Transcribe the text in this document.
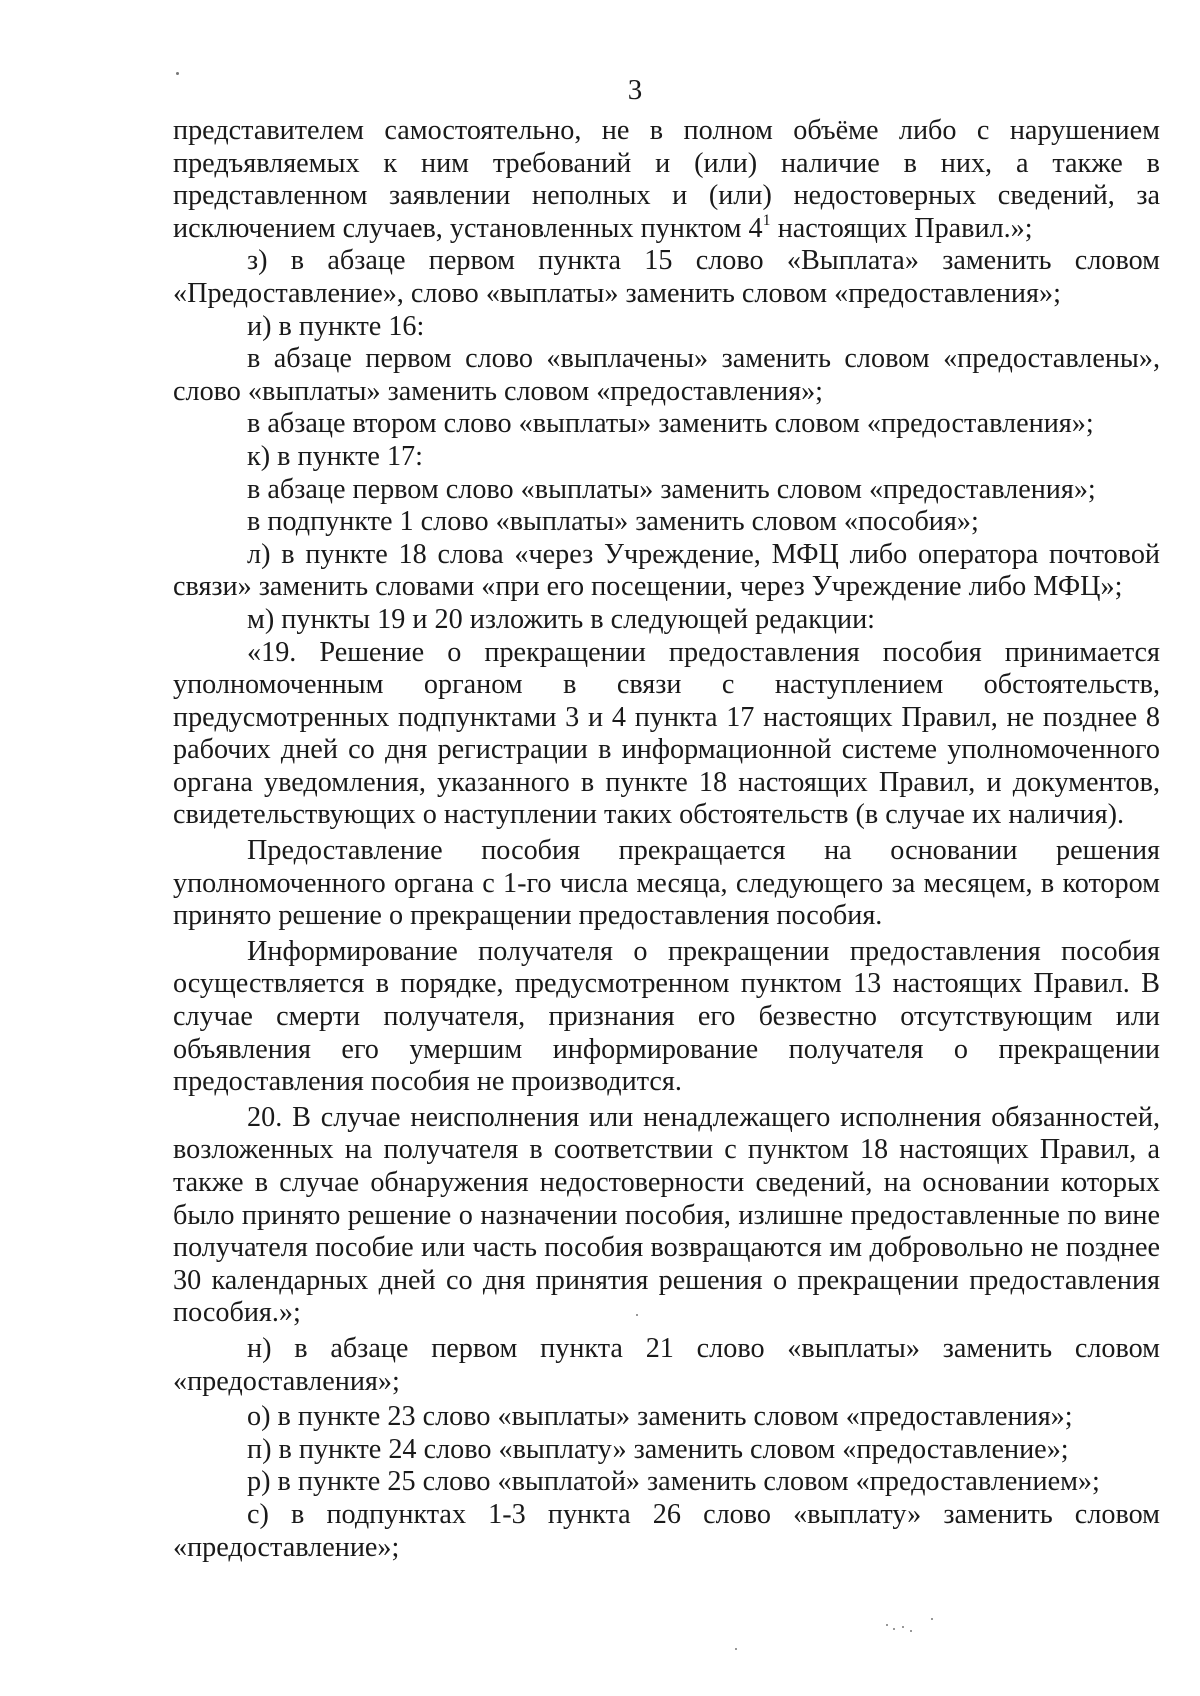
3

представителем самостоятельно, не в полном объёме либо с нарушением предъявляемых к ним требований и (или) наличие в них, а также в представленном заявлении неполных и (или) недостоверных сведений, за исключением случаев, установленных пунктом $4^1$ настоящих Правил.»;

з) в абзаце первом пункта 15 слово «Выплата» заменить словом «Предоставление», слово «выплаты» заменить словом «предоставления»;

и) в пункте 16:

в абзаце первом слово «выплачены» заменить словом «предоставлены», слово «выплаты» заменить словом «предоставления»;

в абзаце втором слово «выплаты» заменить словом «предоставления»;

к) в пункте 17:

в абзаце первом слово «выплаты» заменить словом «предоставления»;

в подпункте 1 слово «выплаты» заменить словом «пособия»;

л) в пункте 18 слова «через Учреждение, МФЦ либо оператора почтовой связи» заменить словами «при его посещении, через Учреждение либо МФЦ»;

м) пункты 19 и 20 изложить в следующей редакции:

«19. Решение о прекращении предоставления пособия принимается уполномоченным органом в связи с наступлением обстоятельств, предусмотренных подпунктами 3 и 4 пункта 17 настоящих Правил, не позднее 8 рабочих дней со дня регистрации в информационной системе уполномоченного органа уведомления, указанного в пункте 18 настоящих Правил, и документов, свидетельствующих о наступлении таких обстоятельств (в случае их наличия).

Предоставление пособия прекращается на основании решения уполномоченного органа с 1-го числа месяца, следующего за месяцем, в котором принято решение о прекращении предоставления пособия.

Информирование получателя о прекращении предоставления пособия осуществляется в порядке, предусмотренном пунктом 13 настоящих Правил. В случае смерти получателя, признания его безвестно отсутствующим или объявления его умершим информирование получателя о прекращении предоставления пособия не производится.

20. В случае неисполнения или ненадлежащего исполнения обязанностей, возложенных на получателя в соответствии с пунктом 18 настоящих Правил, а также в случае обнаружения недостоверности сведений, на основании которых было принято решение о назначении пособия, излишне предоставленные по вине получателя пособие или часть пособия возвращаются им добровольно не позднее 30 календарных дней со дня принятия решения о прекращении предоставления пособия.»;

н) в абзаце первом пункта 21 слово «выплаты» заменить словом «предоставления»;

о) в пункте 23 слово «выплаты» заменить словом «предоставления»;

п) в пункте 24 слово «выплату» заменить словом «предоставление»;

р) в пункте 25 слово «выплатой» заменить словом «предоставлением»;

с) в подпунктах 1-3 пункта 26 слово «выплату» заменить словом «предоставление»;
